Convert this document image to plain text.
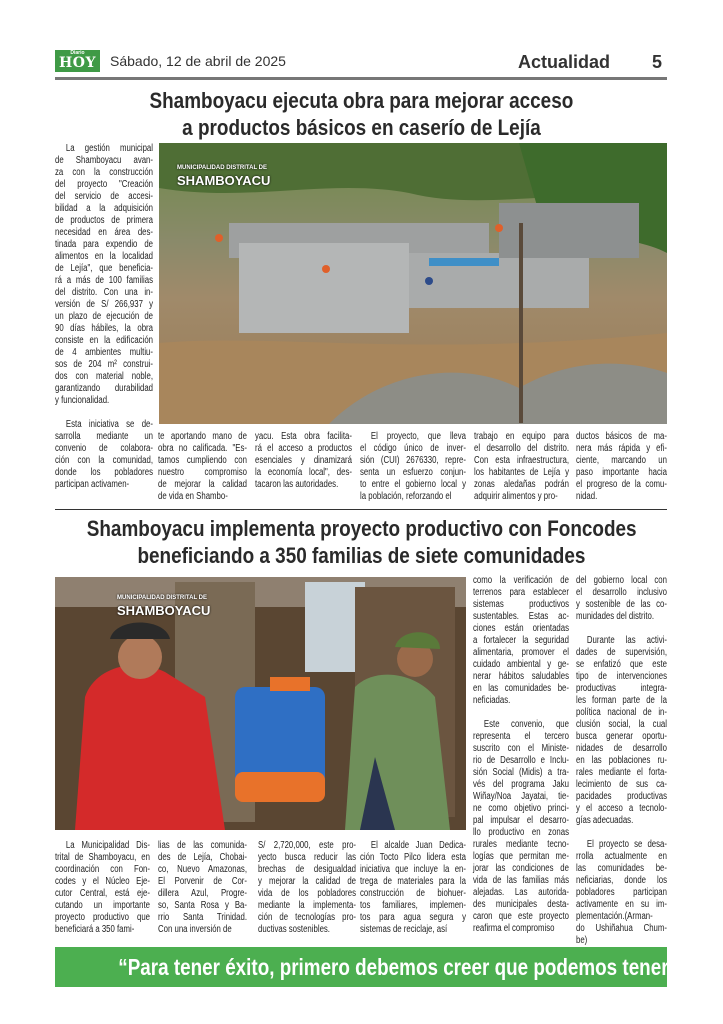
Diario
HOY Sábado, 12 de abril de 2025	Actualidad 5
Shamboyacu ejecuta obra para mejorar acceso
a productos básicos en caserío de Lejía
MUNICIPALIDAD DISTRITAL DE
SHAMBOYACU
La gestión municipal
de Shamboyacu avan-
za con la construcción
del proyecto "Creación
del servicio de accesi-
bilidad a la adquisición
de productos de primera
necesidad en área des-
tinada para expendio de
alimentos en la localidad
de Lejía", que beneficia-
rá a más de 100 familias
del distrito. Con una in-
versión de S/ 266,937 y
un plazo de ejecución de
90 días hábiles, la obra
consiste en la edificación
de 4 ambientes multiu-
sos de 204 m² construi-
dos con material noble,
garantizando durabilidad
y funcionalidad.
Esta iniciativa se de-
sarrolla mediante un
convenio de colabora-
ción con la comunidad,
donde los pobladores
participan activamen-
te aportando mano de
obra no calificada. "Es-
tamos cumpliendo con
nuestro compromiso
de mejorar la calidad
de vida en Shambo-
yacu. Esta obra facilita-
rá el acceso a productos
esenciales y dinamizará
la economía local", des-
tacaron las autoridades.
El proyecto, que lleva
el código único de inver-
sión (CUI) 2676330, repre-
senta un esfuerzo conjun-
to entre el gobierno local y
la población, reforzando el
trabajo en equipo para
el desarrollo del distrito.
Con esta infraestructura,
los habitantes de Lejía y
zonas aledañas podrán
adquirir alimentos y pro-
ductos básicos de ma-
nera más rápida y efi-
ciente, marcando un
paso importante hacia
el progreso de la comu-
nidad.
Shamboyacu implementa proyecto productivo con Foncodes
beneficiando a 350 familias de siete comunidades
MUNICIPALIDAD DISTRITAL DE
SHAMBOYACU
La Municipalidad Dis-
trital de Shamboyacu, en
coordinación con Fon-
codes y el Núcleo Eje-
cutor Central, está eje-
cutando un importante
proyecto productivo que
beneficiará a 350 fami-
lias de las comunida-
des de Lejía, Chobai-
co, Nuevo Amazonas,
El Porvenir de Cor-
dillera Azul, Progre-
so, Santa Rosa y Ba-
rrio Santa Trinidad.
Con una inversión de
S/ 2,720,000, este pro-
yecto busca reducir las
brechas de desigualdad
y mejorar la calidad de
vida de los pobladores
mediante la implementa-
ción de tecnologías pro-
ductivas sostenibles.
El alcalde Juan Dedica-
ción Tocto Pilco lidera esta
iniciativa que incluye la en-
trega de materiales para la
construcción de biohuer-
tos familiares, implemen-
tos para agua segura y
sistemas de reciclaje, así
como la verificación de
terrenos para establecer
sistemas productivos
sustentables. Estas ac-
ciones están orientadas
a fortalecer la seguridad
alimentaria, promover el
cuidado ambiental y ge-
nerar hábitos saludables
en las comunidades be-
neficiadas.
Este convenio, que
representa el tercero
suscrito con el Ministe-
rio de Desarrollo e Inclu-
sión Social (Midis) a tra-
vés del programa Jaku
Wiñay/Noa Jayatai, tie-
ne como objetivo princi-
pal impulsar el desarro-
llo productivo en zonas
rurales mediante tecno-
logías que permitan me-
jorar las condiciones de
vida de las familias más
alejadas. Las autorida-
des municipales desta-
caron que este proyecto
reafirma el compromiso
del gobierno local con
el desarrollo inclusivo
y sostenible de las co-
munidades del distrito.
Durante las activi-
dades de supervisión,
se enfatizó que este
tipo de intervenciones
productivas integra-
les forman parte de la
política nacional de in-
clusión social, la cual
busca generar oportu-
nidades de desarrollo
en las poblaciones ru-
rales mediante el forta-
lecimiento de sus ca-
pacidades productivas
y el acceso a tecnolo-
gías adecuadas.
El proyecto se desa-
rrolla actualmente en
las comunidades be-
neficiarias, donde los
pobladores participan
activamente en su im-
plementación.(Arman-
do Ushiñahua Chum-
be)
“Para tener éxito, primero debemos creer que podemos tenerlo”
